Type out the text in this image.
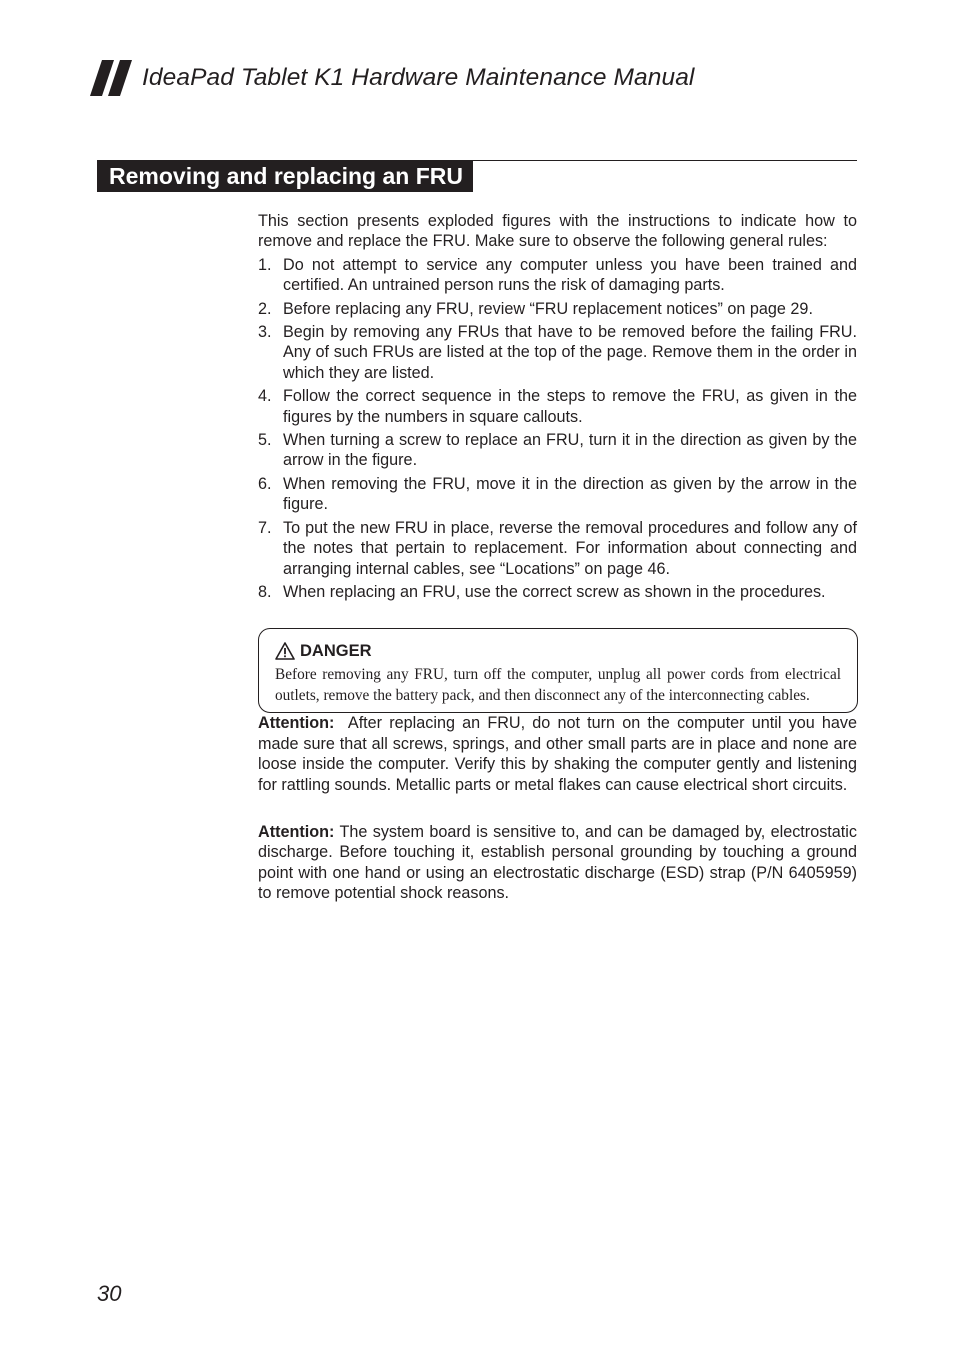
IdeaPad Tablet K1 Hardware Maintenance Manual
Removing and replacing an FRU

This section presents exploded figures with the instructions to indicate how to remove and replace the FRU. Make sure to observe the following general rules:

1. Do not attempt to service any computer unless you have been trained and certified. An untrained person runs the risk of damaging parts.
2. Before replacing any FRU, review “FRU replacement notices” on page 29.
3. Begin by removing any FRUs that have to be removed before the failing FRU. Any of such FRUs are listed at the top of the page. Remove them in the order in which they are listed.
4. Follow the correct sequence in the steps to remove the FRU, as given in the figures by the numbers in square callouts.
5. When turning a screw to replace an FRU, turn it in the direction as given by the arrow in the figure.
6. When removing the FRU, move it in the direction as given by the arrow in the figure.
7. To put the new FRU in place, reverse the removal procedures and follow any of the notes that pertain to replacement. For information about connecting and arranging internal cables, see “Locations” on page 46.
8. When replacing an FRU, use the correct screw as shown in the procedures.
DANGER
Before removing any FRU, turn off the computer, unplug all power cords from electrical outlets, remove the battery pack, and then disconnect any of the interconnecting cables.

Attention: After replacing an FRU, do not turn on the computer until you have made sure that all screws, springs, and other small parts are in place and none are loose inside the computer. Verify this by shaking the computer gently and listening for rattling sounds. Metallic parts or metal flakes can cause electrical short circuits.

Attention: The system board is sensitive to, and can be damaged by, electrostatic discharge. Before touching it, establish personal grounding by touching a ground point with one hand or using an electrostatic discharge (ESD) strap (P/N 6405959) to remove potential shock reasons.

30
